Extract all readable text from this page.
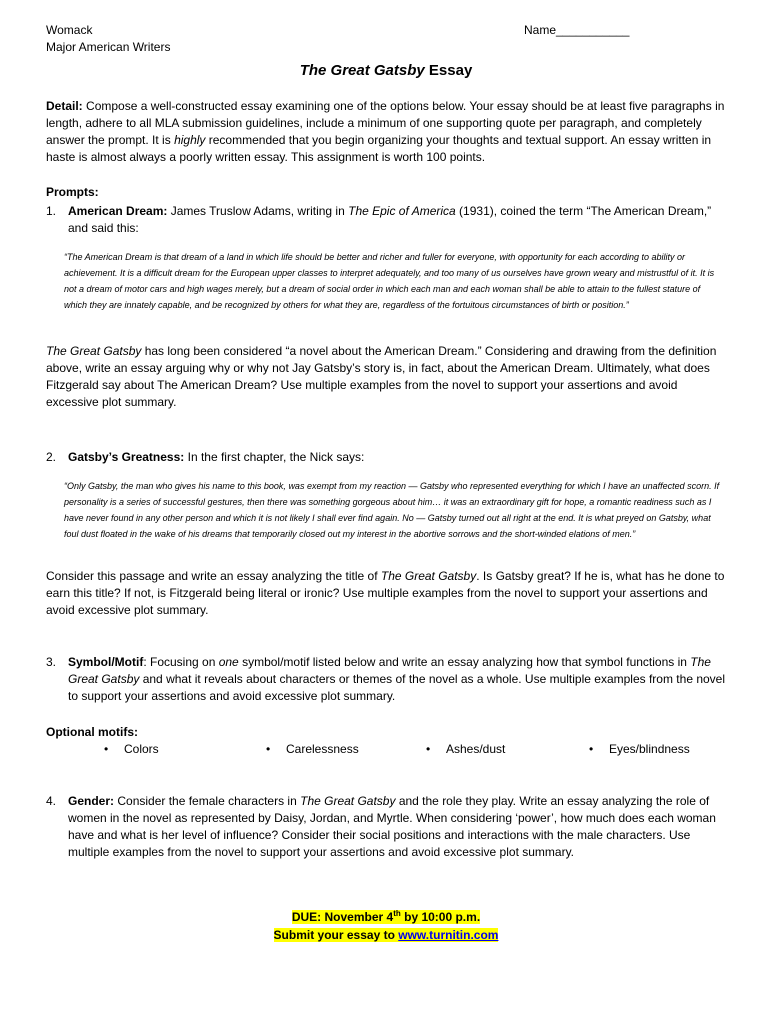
Womack
Major American Writers
Name___________
The Great Gatsby Essay
Detail: Compose a well-constructed essay examining one of the options below. Your essay should be at least five paragraphs in length, adhere to all MLA submission guidelines, include a minimum of one supporting quote per paragraph, and completely answer the prompt. It is highly recommended that you begin organizing your thoughts and textual support. An essay written in haste is almost always a poorly written essay. This assignment is worth 100 points.
Prompts:
1. American Dream: James Truslow Adams, writing in The Epic of America (1931), coined the term “The American Dream,” and said this:
“The American Dream is that dream of a land in which life should be better and richer and fuller for everyone, with opportunity for each according to ability or achievement. It is a difficult dream for the European upper classes to interpret adequately, and too many of us ourselves have grown weary and mistrustful of it. It is not a dream of motor cars and high wages merely, but a dream of social order in which each man and each woman shall be able to attain to the fullest stature of which they are innately capable, and be recognized by others for what they are, regardless of the fortuitous circumstances of birth or position.”
The Great Gatsby has long been considered “a novel about the American Dream.” Considering and drawing from the definition above, write an essay arguing why or why not Jay Gatsby’s story is, in fact, about the American Dream. Ultimately, what does Fitzgerald say about The American Dream? Use multiple examples from the novel to support your assertions and avoid excessive plot summary.
2. Gatsby’s Greatness: In the first chapter, the Nick says:
“Only Gatsby, the man who gives his name to this book, was exempt from my reaction — Gatsby who represented everything for which I have an unaffected scorn. If personality is a series of successful gestures, then there was something gorgeous about him… it was an extraordinary gift for hope, a romantic readiness such as I have never found in any other person and which it is not likely I shall ever find again. No — Gatsby turned out all right at the end. It is what preyed on Gatsby, what foul dust floated in the wake of his dreams that temporarily closed out my interest in the abortive sorrows and the short-winded elations of men.”
Consider this passage and write an essay analyzing the title of The Great Gatsby. Is Gatsby great? If he is, what has he done to earn this title? If not, is Fitzgerald being literal or ironic? Use multiple examples from the novel to support your assertions and avoid excessive plot summary.
3. Symbol/Motif: Focusing on one symbol/motif listed below and write an essay analyzing how that symbol functions in The Great Gatsby and what it reveals about characters or themes of the novel as a whole. Use multiple examples from the novel to support your assertions and avoid excessive plot summary.
Optional motifs:
• Colors	• Carelessness	• Ashes/dust	• Eyes/blindness
4. Gender: Consider the female characters in The Great Gatsby and the role they play. Write an essay analyzing the role of women in the novel as represented by Daisy, Jordan, and Myrtle. When considering ‘power’, how much does each woman have and what is her level of influence? Consider their social positions and interactions with the male characters. Use multiple examples from the novel to support your assertions and avoid excessive plot summary.
DUE: November 4th by 10:00 p.m.
Submit your essay to www.turnitin.com
